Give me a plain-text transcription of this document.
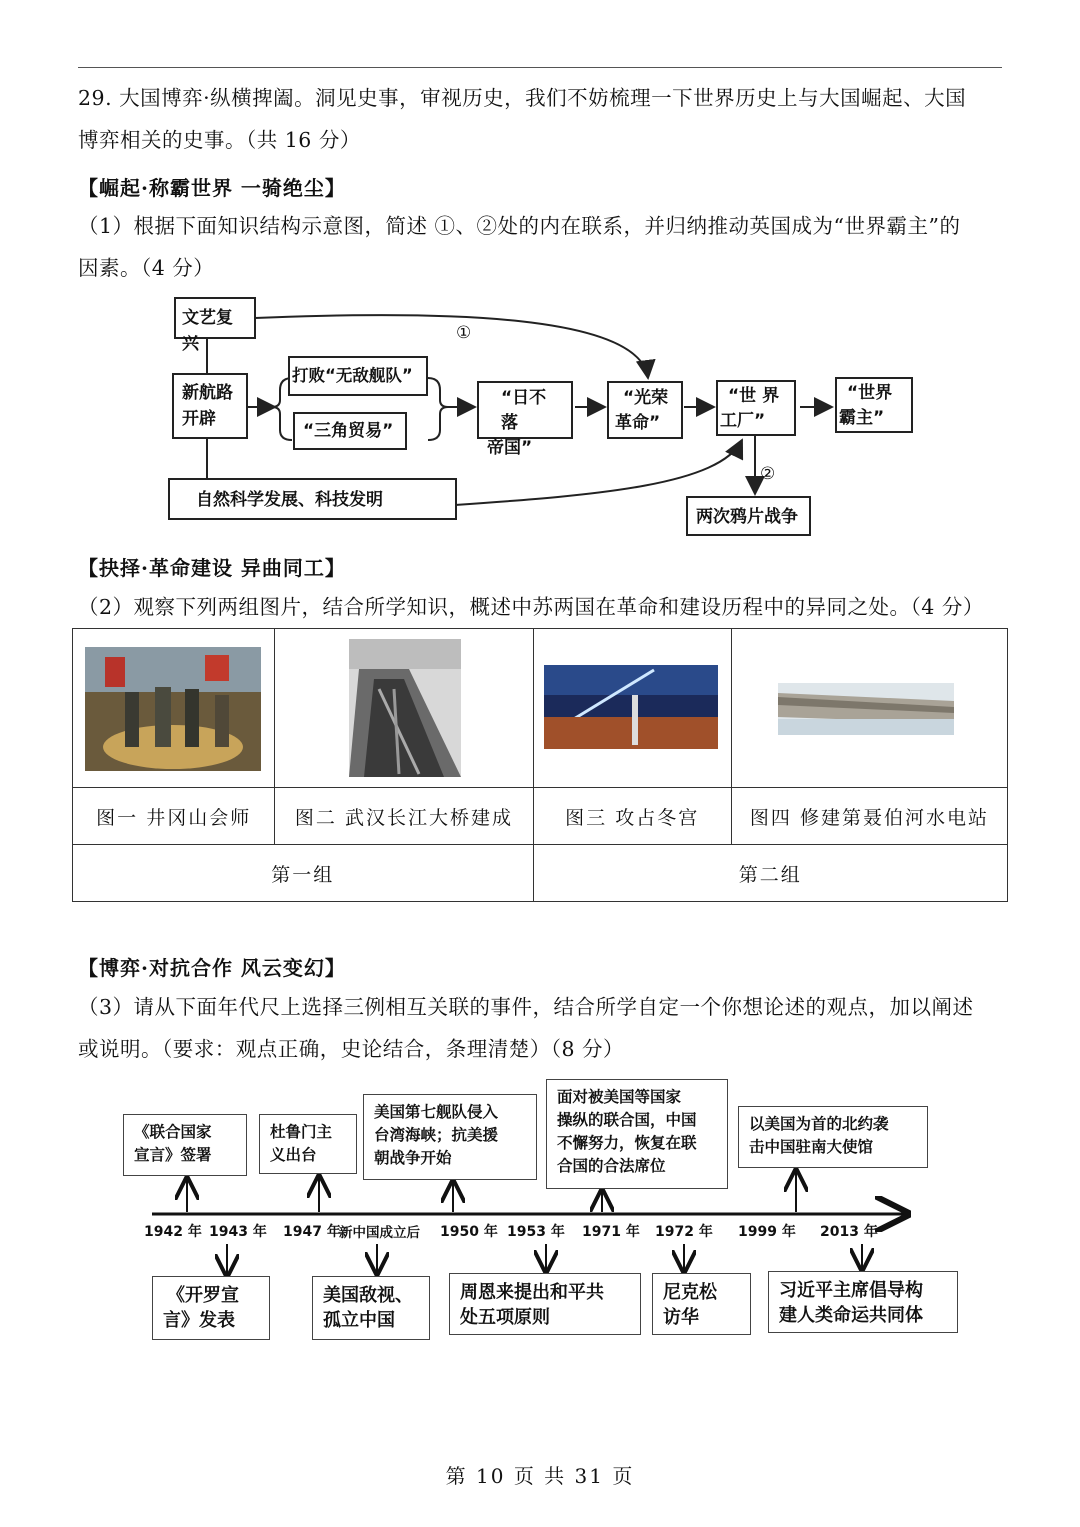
29. 大国博弈·纵横捭阖。洞见史事，审视历史，我们不妨梳理一下世界历史上与大国崛起、大国
博弈相关的史事。（共 16 分）
【崛起·称霸世界 一骑绝尘】
（1）根据下面知识结构示意图，简述 ①、②处的内在联系，并归纳推动英国成为“世界霸主”的
因素。（4 分）
文艺复兴
新航路
开辟
打败“无敌舰队”
“三角贸易”
“日不落
帝国”
“光荣
革命”
“世 界
工厂”
“世界
霸主”
自然科学发展、科技发明
两次鸦片战争
①
②
【抉择·革命建设 异曲同工】
（2）观察下列两组图片，结合所学知识，概述中苏两国在革命和建设历程中的异同之处。（4 分）

图一 井冈山会师	图二 武汉长江大桥建成	图三 攻占冬宫	图四 修建第聂伯河水电站
第一组		第二组	
【博弈·对抗合作 风云变幻】
（3）请从下面年代尺上选择三例相互关联的事件，结合所学自定一个你想论述的观点，加以阐述
或说明。（要求：观点正确，史论结合，条理清楚）（8 分）
《联合国家
宣言》签署
杜鲁门主
义出台
美国第七舰队侵入
台湾海峡；抗美援
朝战争开始
面对被美国等国家
操纵的联合国，中国
不懈努力，恢复在联
合国的合法席位
以美国为首的北约袭
击中国驻南大使馆
1942 年 1943 年 1947 年
新中国成立后 1950 年 1953 年 1971 年 1972 年 1999 年 2013 年
《开罗宣
言》发表
美国敌视、
孤立中国
周恩来提出和平共
处五项原则
尼克松
访华
习近平主席倡导构
建人类命运共同体
第 10 页 共 31 页
